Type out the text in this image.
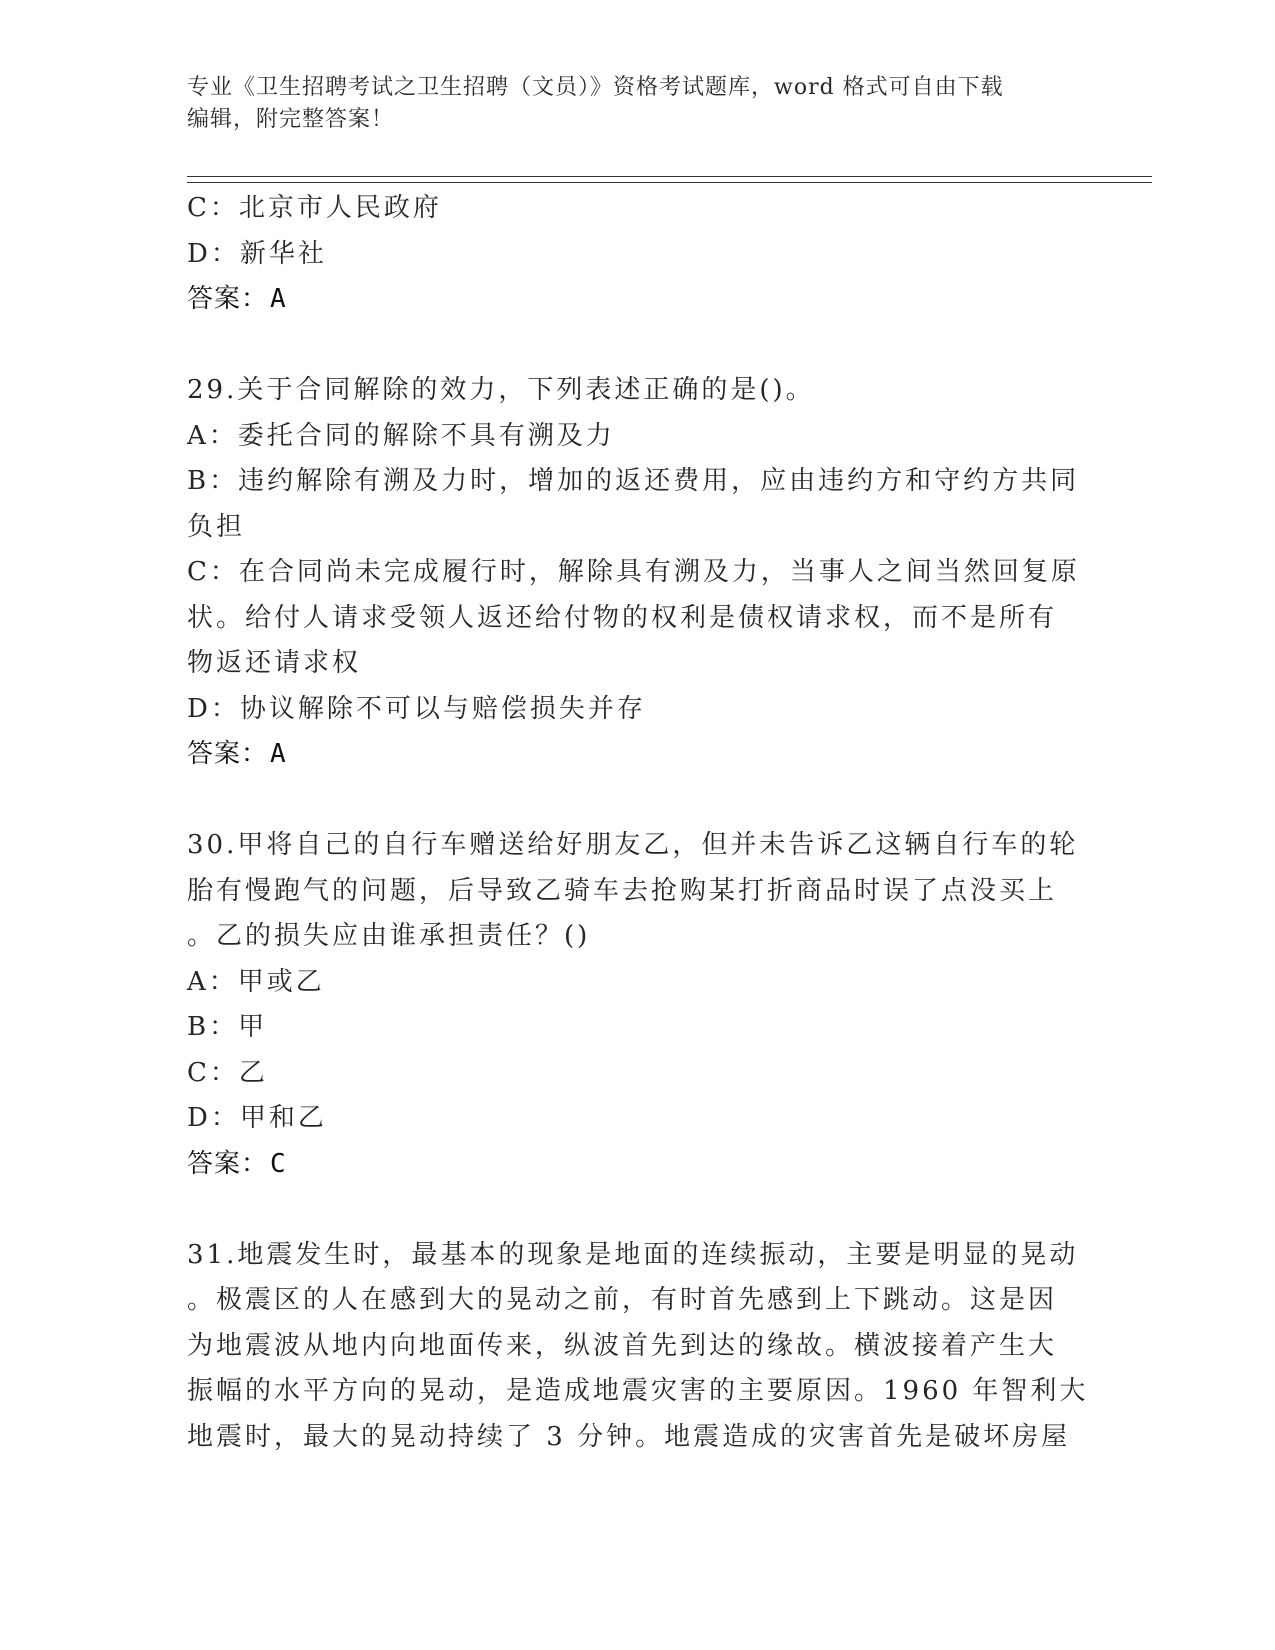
专业《卫生招聘考试之卫生招聘（文员）》资格考试题库，word 格式可自由下载
编辑，附完整答案！
C：北京市人民政府
D：新华社
答案：A
29.关于合同解除的效力，下列表述正确的是()。
A：委托合同的解除不具有溯及力
B：违约解除有溯及力时，增加的返还费用，应由违约方和守约方共同
负担
C：在合同尚未完成履行时，解除具有溯及力，当事人之间当然回复原
状。给付人请求受领人返还给付物的权利是债权请求权，而不是所有
物返还请求权
D：协议解除不可以与赔偿损失并存
答案：A
30.甲将自己的自行车赠送给好朋友乙，但并未告诉乙这辆自行车的轮
胎有慢跑气的问题，后导致乙骑车去抢购某打折商品时误了点没买上
。乙的损失应由谁承担责任？()
A：甲或乙
B：甲
C：乙
D：甲和乙
答案：C
31.地震发生时，最基本的现象是地面的连续振动，主要是明显的晃动
。极震区的人在感到大的晃动之前，有时首先感到上下跳动。这是因
为地震波从地内向地面传来，纵波首先到达的缘故。横波接着产生大
振幅的水平方向的晃动，是造成地震灾害的主要原因。1960 年智利大
地震时，最大的晃动持续了 3 分钟。地震造成的灾害首先是破坏房屋
